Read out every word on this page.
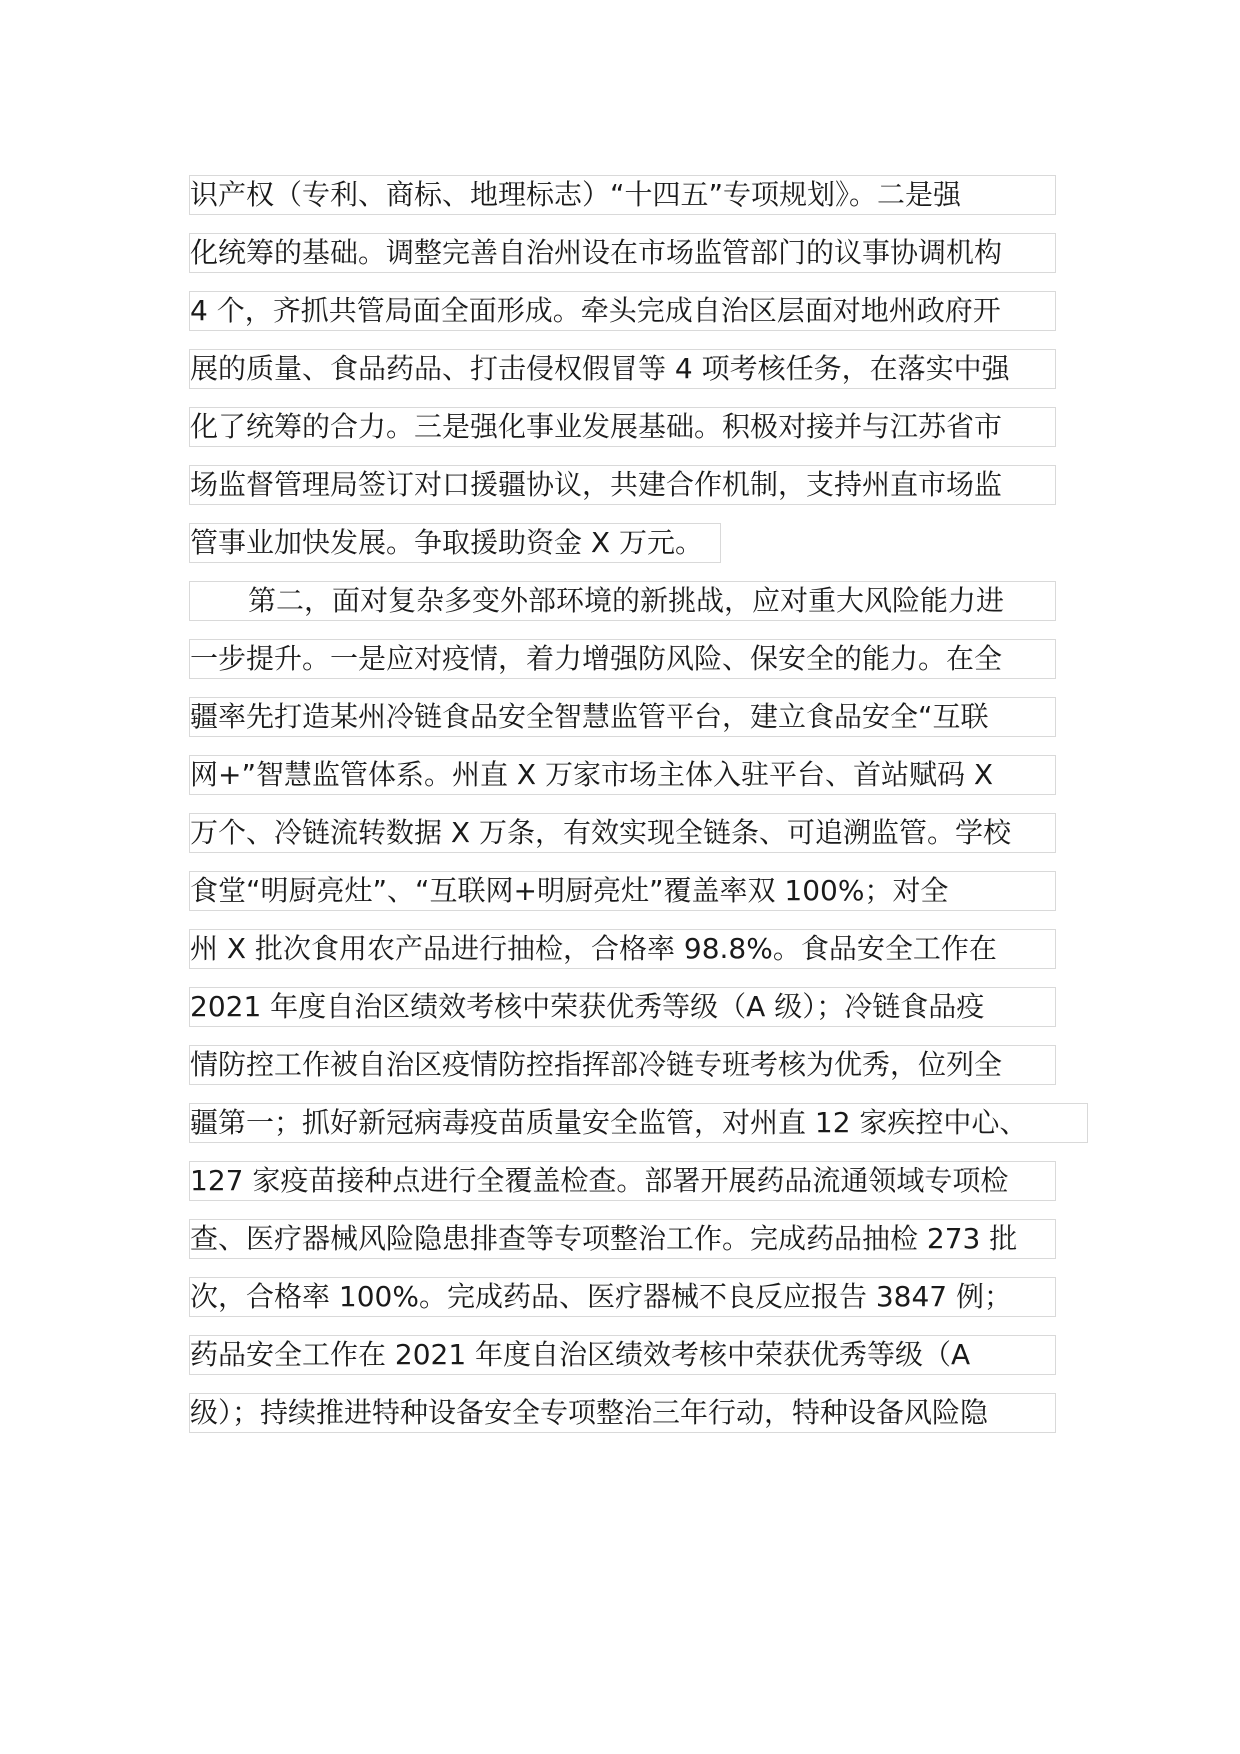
识产权（专利、商标、地理标志）“十四五”专项规划》。二是强
化统筹的基础。调整完善自治州设在市场监管部门的议事协调机构
4 个，齐抓共管局面全面形成。牵头完成自治区层面对地州政府开
展的质量、食品药品、打击侵权假冒等 4 项考核任务，在落实中强
化了统筹的合力。三是强化事业发展基础。积极对接并与江苏省市
场监督管理局签订对口援疆协议，共建合作机制，支持州直市场监
管事业加快发展。争取援助资金 X 万元。
第二，面对复杂多变外部环境的新挑战，应对重大风险能力进
一步提升。一是应对疫情，着力增强防风险、保安全的能力。在全
疆率先打造某州冷链食品安全智慧监管平台，建立食品安全“互联
网+”智慧监管体系。州直 X 万家市场主体入驻平台、首站赋码 X
万个、冷链流转数据 X 万条，有效实现全链条、可追溯监管。学校
食堂“明厨亮灶”、“互联网+明厨亮灶”覆盖率双 100%；对全
州 X 批次食用农产品进行抽检，合格率 98.8%。食品安全工作在
2021 年度自治区绩效考核中荣获优秀等级（A 级）；冷链食品疫
情防控工作被自治区疫情防控指挥部冷链专班考核为优秀，位列全
疆第一；抓好新冠病毒疫苗质量安全监管，对州直 12 家疾控中心、
127 家疫苗接种点进行全覆盖检查。部署开展药品流通领域专项检
查、医疗器械风险隐患排查等专项整治工作。完成药品抽检 273 批
次，合格率 100%。完成药品、医疗器械不良反应报告 3847 例；
药品安全工作在 2021 年度自治区绩效考核中荣获优秀等级（A
级）；持续推进特种设备安全专项整治三年行动，特种设备风险隐
